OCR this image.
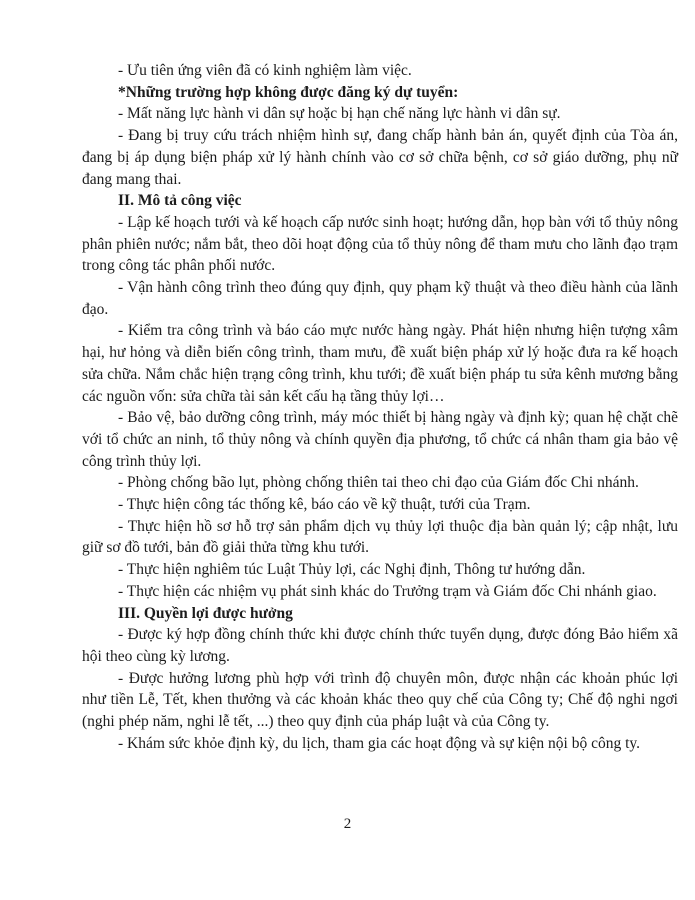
- Ưu tiên ứng viên đã có kinh nghiệm làm việc.

*Những trường hợp không được đăng ký dự tuyển:

- Mất năng lực hành vi dân sự hoặc bị hạn chế năng lực hành vi dân sự.

- Đang bị truy cứu trách nhiệm hình sự, đang chấp hành bản án, quyết định của Tòa án, đang bị áp dụng biện pháp xử lý hành chính vào cơ sở chữa bệnh, cơ sở giáo dưỡng, phụ nữ đang mang thai.

II. Mô tả công việc

- Lập kế hoạch tưới và kế hoạch cấp nước sinh hoạt; hướng dẫn, họp bàn với tổ thủy nông phân phiên nước; nắm bắt, theo dõi hoạt động của tổ thủy nông để tham mưu cho lãnh đạo trạm trong công tác phân phối nước.

- Vận hành công trình theo đúng quy định, quy phạm kỹ thuật và theo điều hành của lãnh đạo.

- Kiểm tra công trình và báo cáo mực nước hàng ngày. Phát hiện nhưng hiện tượng xâm hại, hư hỏng và diễn biến công trình, tham mưu, đề xuất biện pháp xử lý hoặc đưa ra kế hoạch sửa chữa. Nắm chắc hiện trạng công trình, khu tưới; đề xuất biện pháp tu sửa kênh mương bằng các nguồn vốn: sửa chữa tài sản kết cấu hạ tầng thủy lợi…

- Bảo vệ, bảo dưỡng công trình, máy móc thiết bị hàng ngày và định kỳ; quan hệ chặt chẽ với tổ chức an ninh, tổ thủy nông và chính quyền địa phương, tổ chức cá nhân tham gia bảo vệ công trình thủy lợi.

- Phòng chống bão lụt, phòng chống thiên tai theo chi đạo của Giám đốc Chi nhánh.

- Thực hiện công tác thống kê, báo cáo về kỹ thuật, tưới của Trạm.

- Thực hiện hồ sơ hỗ trợ sản phẩm dịch vụ thủy lợi thuộc địa bàn quản lý; cập nhật, lưu giữ sơ đồ tưới, bản đồ giải thửa từng khu tưới.

- Thực hiện nghiêm túc Luật Thủy lợi, các Nghị định, Thông tư hướng dẫn.

- Thực hiện các nhiệm vụ phát sinh khác do Trưởng trạm và Giám đốc Chi nhánh giao.

III. Quyền lợi được hưởng

- Được ký hợp đồng chính thức khi được chính thức tuyển dụng, được đóng Bảo hiểm xã hội theo cùng kỳ lương.

- Được hưởng lương phù hợp với trình độ chuyên môn, được nhận các khoản phúc lợi như tiền Lễ, Tết, khen thưởng và các khoản khác theo quy chế của Công ty; Chế độ nghi ngơi (nghi phép năm, nghi lễ tết, ...) theo quy định của pháp luật và của Công ty.

- Khám sức khỏe định kỳ, du lịch, tham gia các hoạt động và sự kiện nội bộ công ty.

2
